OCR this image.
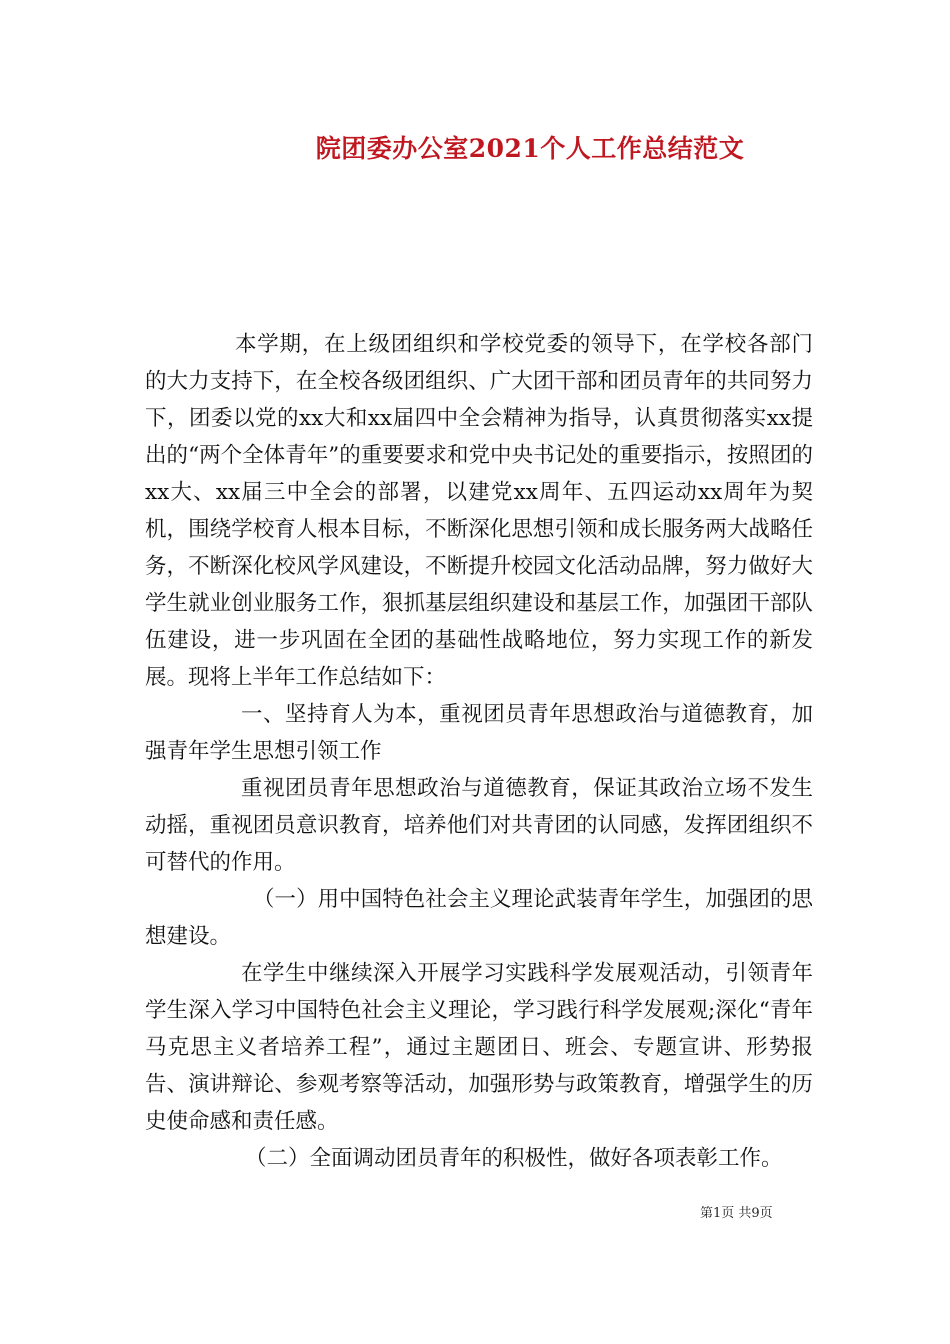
院团委办公室2021个人工作总结范文

本学期，在上级团组织和学校党委的领导下，在学校各部门的大力支持下，在全校各级团组织、广大团干部和团员青年的共同努力下，团委以党的xx大和xx届四中全会精神为指导，认真贯彻落实xx提出的“两个全体青年”的重要要求和党中央书记处的重要指示，按照团的xx大、xx届三中全会的部署，以建党xx周年、五四运动xx周年为契机，围绕学校育人根本目标，不断深化思想引领和成长服务两大战略任务，不断深化校风学风建设，不断提升校园文化活动品牌，努力做好大学生就业创业服务工作，狠抓基层组织建设和基层工作，加强团干部队伍建设，进一步巩固在全团的基础性战略地位，努力实现工作的新发展。现将上半年工作总结如下：

一、坚持育人为本，重视团员青年思想政治与道德教育，加强青年学生思想引领工作

重视团员青年思想政治与道德教育，保证其政治立场不发生动摇，重视团员意识教育，培养他们对共青团的认同感，发挥团组织不可替代的作用。

（一）用中国特色社会主义理论武装青年学生，加强团的思想建设。

在学生中继续深入开展学习实践科学发展观活动，引领青年学生深入学习中国特色社会主义理论，学习践行科学发展观;深化“青年马克思主义者培养工程”，通过主题团日、班会、专题宣讲、形势报告、演讲辩论、参观考察等活动，加强形势与政策教育，增强学生的历史使命感和责任感。

（二）全面调动团员青年的积极性，做好各项表彰工作。

第1页 共9页
